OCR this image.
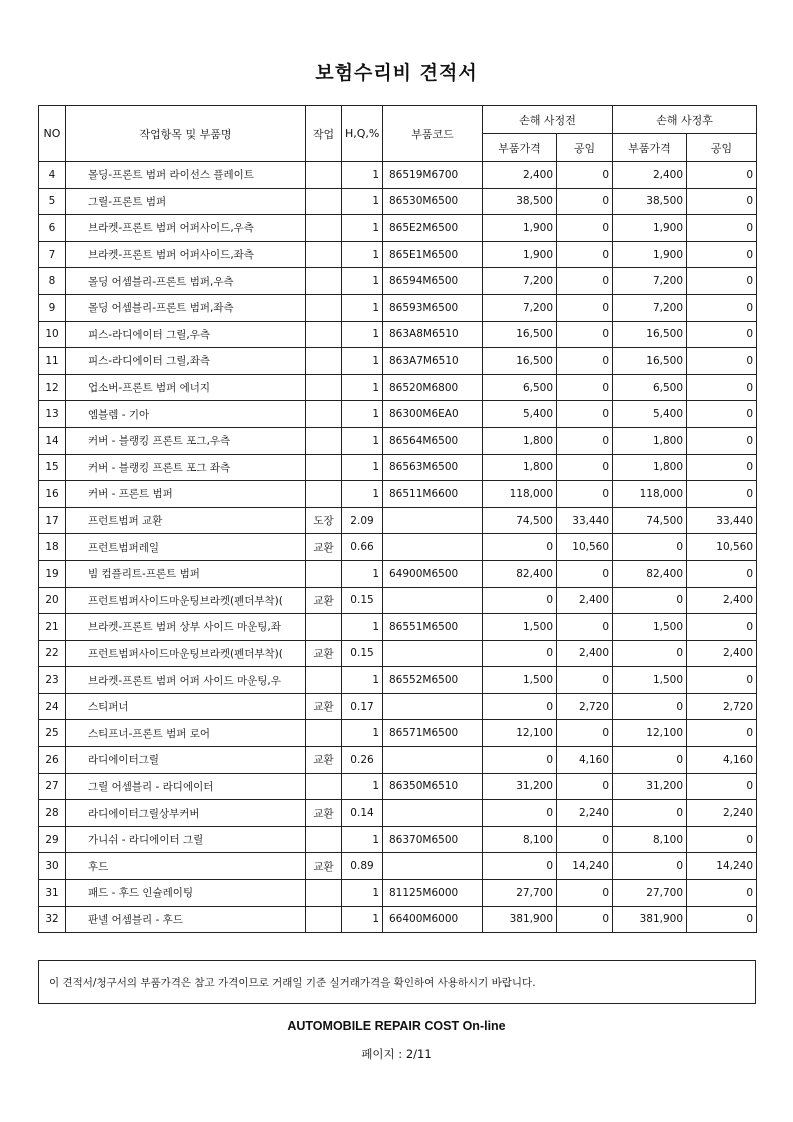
보험수리비 견적서
NO	작업항목 및 부품명	작업	H,Q,%	부품코드	손해 사정전		손해 사정후	
					부품가격	공임	부품가격	공임
4	몰딩-프론트 범퍼 라이선스 플레이트		1	86519M6700	2,400	0	2,400	0
5	그릴-프론트 범퍼		1	86530M6500	38,500	0	38,500	0
6	브라켓-프론트 범퍼 어퍼사이드,우측		1	865E2M6500	1,900	0	1,900	0
7	브라켓-프론트 범퍼 어퍼사이드,좌측		1	865E1M6500	1,900	0	1,900	0
8	몰딩 어셈블리-프론트 범퍼,우측		1	86594M6500	7,200	0	7,200	0
9	몰딩 어셈블리-프론트 범퍼,좌측		1	86593M6500	7,200	0	7,200	0
10	피스-라디에이터 그릴,우측		1	863A8M6510	16,500	0	16,500	0
11	피스-라디에이터 그릴,좌측		1	863A7M6510	16,500	0	16,500	0
12	업소버-프론트 범퍼 에너지		1	86520M6800	6,500	0	6,500	0
13	엠블렘 - 기아		1	86300M6EA0	5,400	0	5,400	0
14	커버 - 블랭킹 프론트 포그,우측		1	86564M6500	1,800	0	1,800	0
15	커버 - 블랭킹 프론트 포그 좌측		1	86563M6500	1,800	0	1,800	0
16	커버 - 프론트 범퍼		1	86511M6600	118,000	0	118,000	0
17	프런트범퍼 교환	도장	2.09		74,500	33,440	74,500	33,440
18	프런트범퍼레일	교환	0.66		0	10,560	0	10,560
19	빔 컴플리트-프론트 범퍼		1	64900M6500	82,400	0	82,400	0
20	프런트범퍼사이드마운팅브라켓(펜더부착)(	교환	0.15		0	2,400	0	2,400
21	브라켓-프론트 범퍼 상부 사이드 마운팅,좌		1	86551M6500	1,500	0	1,500	0
22	프런트범퍼사이드마운팅브라켓(펜더부착)(	교환	0.15		0	2,400	0	2,400
23	브라켓-프론트 범퍼 어퍼 사이드 마운팅,우		1	86552M6500	1,500	0	1,500	0
24	스티퍼너	교환	0.17		0	2,720	0	2,720
25	스티프너-프론트 범퍼 로어		1	86571M6500	12,100	0	12,100	0
26	라디에이터그릴	교환	0.26		0	4,160	0	4,160
27	그릴 어셈블리 - 라디에이터		1	86350M6510	31,200	0	31,200	0
28	라디에이터그릴상부커버	교환	0.14		0	2,240	0	2,240
29	가니쉬 - 라디에이터 그릴		1	86370M6500	8,100	0	8,100	0
30	후드	교환	0.89		0	14,240	0	14,240
31	패드 - 후드 인슐레이팅		1	81125M6000	27,700	0	27,700	0
32	판넬 어셈블리 - 후드		1	66400M6000	381,900	0	381,900	0
이 견적서/청구서의 부품가격은 참고 가격이므로 거래일 기준 실거래가격을 확인하여 사용하시기 바랍니다.
AUTOMOBILE REPAIR COST On-line
페이지 : 2/11
